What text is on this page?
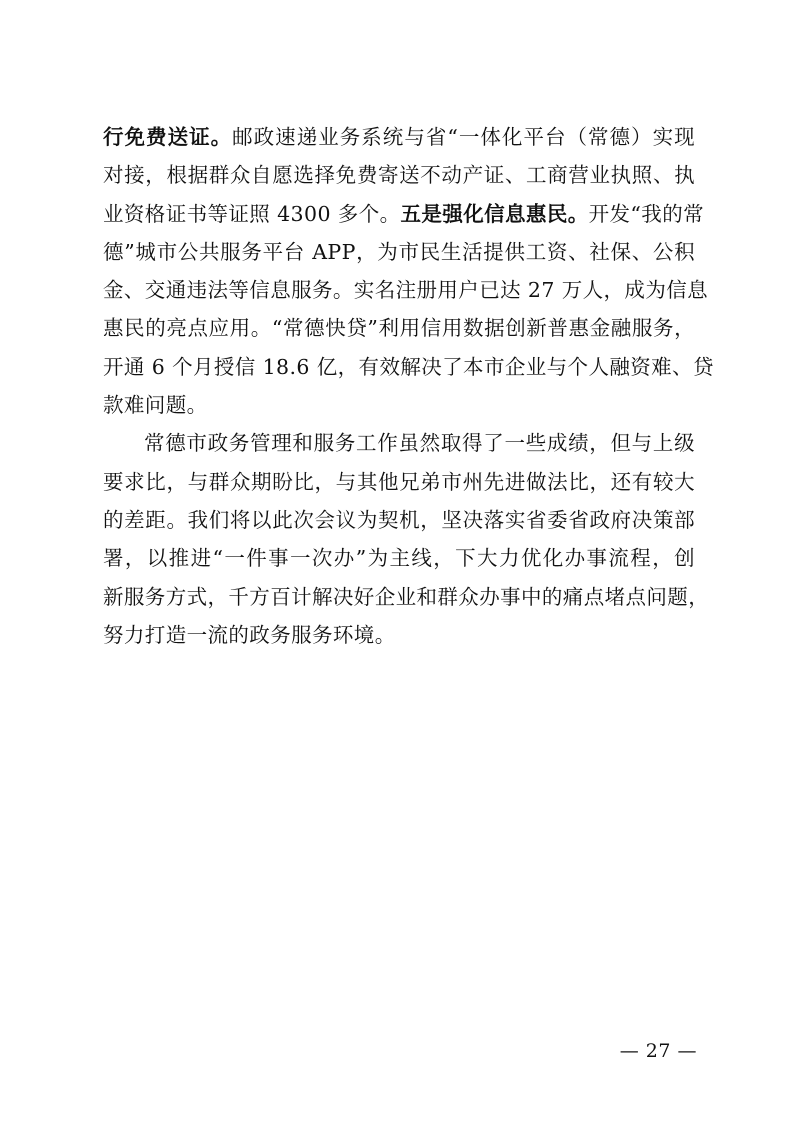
行免费送证。邮政速递业务系统与省“一体化平台（常德）实现
对接，根据群众自愿选择免费寄送不动产证、工商营业执照、执
业资格证书等证照 4300 多个。五是强化信息惠民。开发“我的常
德”城市公共服务平台 APP，为市民生活提供工资、社保、公积
金、交通违法等信息服务。实名注册用户已达 27 万人，成为信息
惠民的亮点应用。“常德快贷”利用信用数据创新普惠金融服务，
开通 6 个月授信 18.6 亿，有效解决了本市企业与个人融资难、贷
款难问题。
常德市政务管理和服务工作虽然取得了一些成绩，但与上级
要求比，与群众期盼比，与其他兄弟市州先进做法比，还有较大
的差距。我们将以此次会议为契机，坚决落实省委省政府决策部
署，以推进“一件事一次办”为主线，下大力优化办事流程，创
新服务方式，千方百计解决好企业和群众办事中的痛点堵点问题，
努力打造一流的政务服务环境。
— 27 —
